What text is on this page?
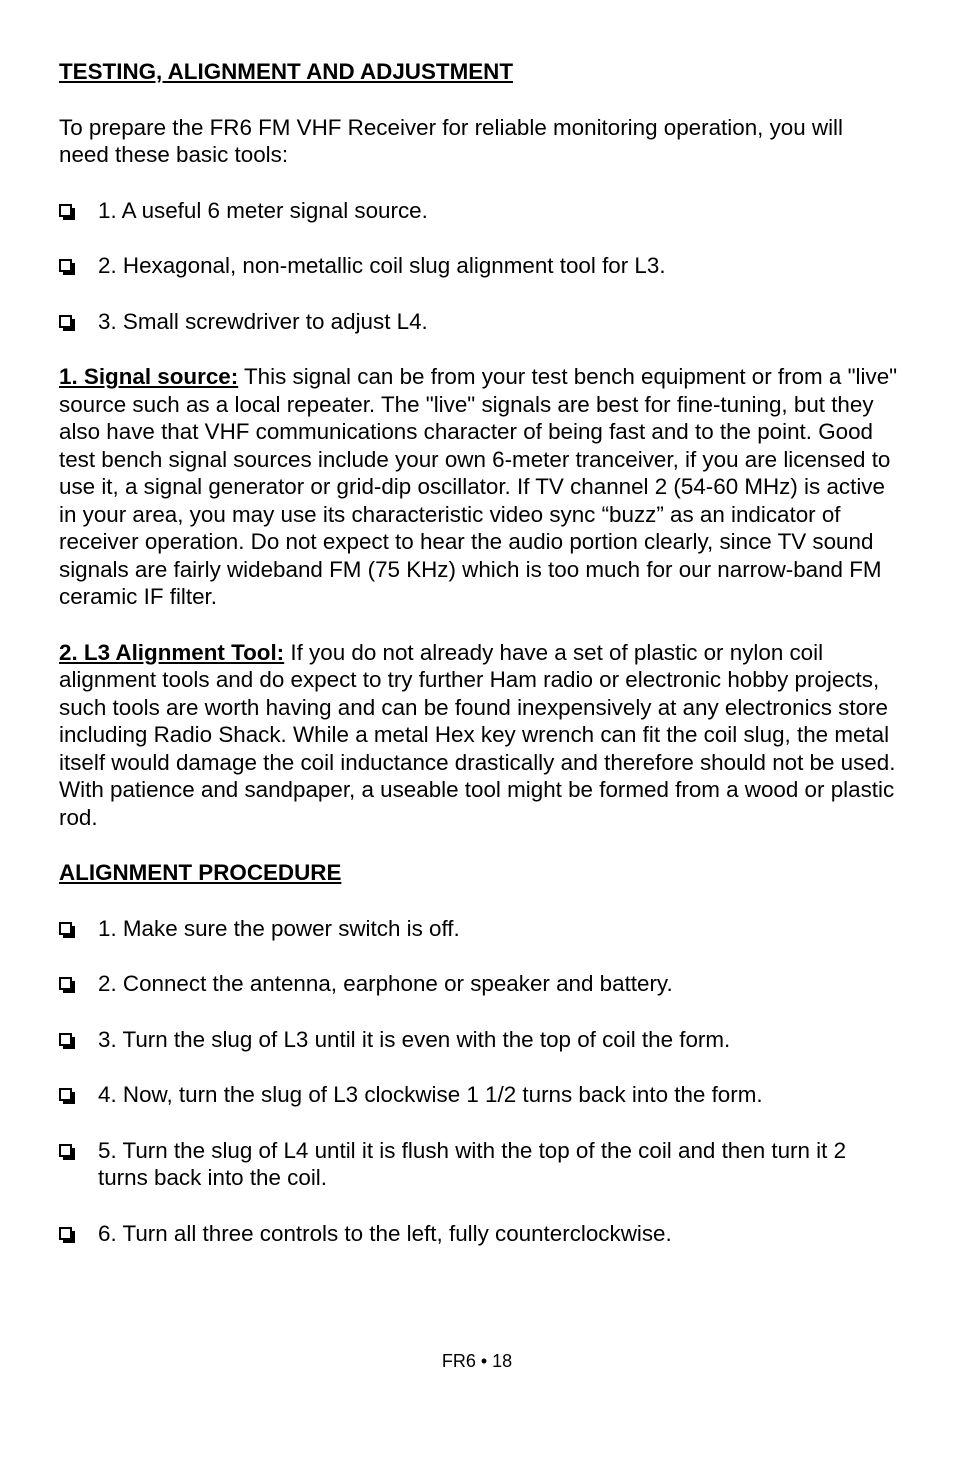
TESTING, ALIGNMENT AND ADJUSTMENT

To prepare the FR6 FM VHF Receiver for reliable monitoring operation, you will need these basic tools:

1. A useful 6 meter signal source.
2. Hexagonal, non-metallic coil slug alignment tool for L3.
3. Small screwdriver to adjust L4.

1. Signal source: This signal can be from your test bench equipment or from a "live" source such as a local repeater. The "live" signals are best for fine-tuning, but they also have that VHF communications character of being fast and to the point. Good test bench signal sources include your own 6-meter tranceiver, if you are licensed to use it, a signal generator or grid-dip oscillator. If TV channel 2 (54-60 MHz) is active in your area, you may use its characteristic video sync “buzz” as an indicator of receiver operation. Do not expect to hear the audio portion clearly, since TV sound signals are fairly wideband FM (75 KHz) which is too much for our narrow-band FM ceramic IF filter.

2. L3 Alignment Tool: If you do not already have a set of plastic or nylon coil alignment tools and do expect to try further Ham radio or electronic hobby projects, such tools are worth having and can be found inexpensively at any electronics store including Radio Shack. While a metal Hex key wrench can fit the coil slug, the metal itself would damage the coil inductance drastically and therefore should not be used. With patience and sandpaper, a useable tool might be formed from a wood or plastic rod.

ALIGNMENT PROCEDURE

1. Make sure the power switch is off.
2. Connect the antenna, earphone or speaker and battery.
3. Turn the slug of L3 until it is even with the top of coil the form.
4. Now, turn the slug of L3 clockwise 1 1/2 turns back into the form.
5. Turn the slug of L4 until it is flush with the top of the coil and then turn it 2 turns back into the coil.
6. Turn all three controls to the left, fully counterclockwise.
FR6 • 18
